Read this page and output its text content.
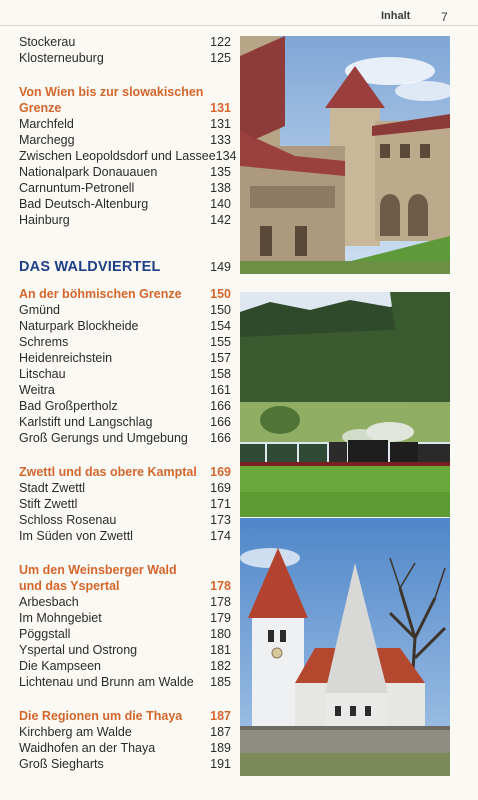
Inhalt	7
Stockerau	122
Klosterneuburg	125
Von Wien bis zur slowakischen
Grenze	131
Marchfeld	131
Marchegg	133
Zwischen Leopoldsdorf und Lassee 134
Nationalpark Donauauen	135
Carnuntum-Petronell	138
Bad Deutsch-Altenburg	140
Hainburg	142
DAS WALDVIERTEL	149
An der böhmischen Grenze	150
Gmünd	150
Naturpark Blockheide	154
Schrems	155
Heidenreichstein	157
Litschau	158
Weitra	161
Bad Großpertholz	166
Karlstift und Langschlag	166
Groß Gerungs und Umgebung	166
Zwettl und das obere Kamptal	169
Stadt Zwettl	169
Stift Zwettl	171
Schloss Rosenau	173
Im Süden von Zwettl	174
Um den Weinsberger Wald
und das Yspertal	178
Arbesbach	178
Im Mohngebiet	179
Pöggstall	180
Yspertal und Ostrong	181
Die Kampseen	182
Lichtenau und Brunn am Walde	185
Die Regionen um die Thaya	187
Kirchberg am Walde	187
Waidhofen an der Thaya	189
Groß Siegharts	191
